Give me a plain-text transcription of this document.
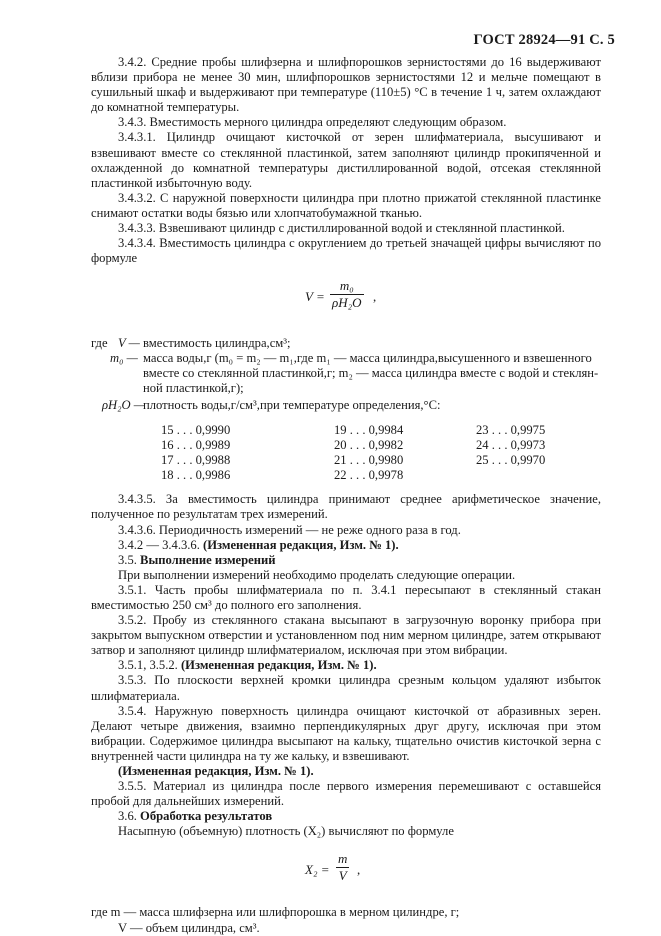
ГОСТ 28924—91 С. 5

3.4.2. Средние пробы шлифзерна и шлифпорошков зернистостями до 16 выдерживают вблизи прибора не менее 30 мин, шлифпорошков зернистостями 12 и мельче помещают в сушильный шкаф и выдерживают при температуре (110±5) °С в течение 1 ч, затем охлаждают до комнатной температуры.

3.4.3. Вместимость мерного цилиндра определяют следующим образом.

3.4.3.1. Цилиндр очищают кисточкой от зерен шлифматериала, высушивают и взвешивают вместе со стеклянной пластинкой, затем заполняют цилиндр прокипяченной и охлажденной до комнатной температуры дистиллированной водой, отсекая стеклянной пластинкой избыточную воду.

3.4.3.2. С наружной поверхности цилиндра при плотно прижатой стеклянной пластинке снимают остатки воды бязью или хлопчатобумажной тканью.

3.4.3.3. Взвешивают цилиндр с дистиллированной водой и стеклянной пластинкой.

3.4.3.4. Вместимость цилиндра с округлением до третьей значащей цифры вычисляют по формуле

$V = \frac{\text{m₀}}{\text{ρH₂O}}$ ,
где V — вместимость цилиндра,см³;
m₀ — масса воды,г (m₀ = m₂ — m₁,где m₁ — масса цилиндра,высушенного и взвешенного
вместе со стеклянной пластинкой,г; m₂ — масса цилиндра вместе с водой и стеклян-
ной пластинкой,г);
ρH₂O —
плотность воды,г/см³,при температуре определения,°С:
15 . . . 0,9990	19 . . . 0,9984	23 . . . 0,9975
16 . . . 0,9989	20 . . . 0,9982	24 . . . 0,9973
17 . . . 0,9988	21 . . . 0,9980	25 . . . 0,9970
18 . . . 0,9986	22 . . . 0,9978

3.4.3.5. За вместимость цилиндра принимают среднее арифметическое значение, полученное по результатам трех измерений.

3.4.3.6. Периодичность измерений — не реже одного раза в год.

3.4.2 — 3.4.3.6. (Измененная редакция, Изм. № 1).

3.5. Выполнение измерений

При выполнении измерений необходимо проделать следующие операции.

3.5.1. Часть пробы шлифматериала по п. 3.4.1 пересыпают в стеклянный стакан вместимостью 250 см³ до полного его заполнения.

3.5.2. Пробу из стеклянного стакана высыпают в загрузочную воронку прибора при закрытом выпускном отверстии и установленном под ним мерном цилиндре, затем открывают затвор и заполняют цилиндр шлифматериалом, исключая при этом вибрации.

3.5.1, 3.5.2. (Измененная редакция, Изм. № 1).

3.5.3. По плоскости верхней кромки цилиндра срезным кольцом удаляют избыток шлифматериала.

3.5.4. Наружную поверхность цилиндра очищают кисточкой от абразивных зерен. Делают четыре движения, взаимно перпендикулярных друг другу, исключая при этом вибрации. Содержимое цилиндра высыпают на кальку, тщательно очистив кисточкой зерна с внутренней части цилиндра на ту же кальку, и взвешивают.

(Измененная редакция, Изм. № 1).

3.5.5. Материал из цилиндра после первого измерения перемешивают с оставшейся пробой для дальнейших измерений.

3.6. Обработка результатов

Насыпную (объемную) плотность (X₂) вычисляют по формуле

$X_2 = \frac{m}{V}$ ,

где m — масса шлифзерна или шлифпорошка в мерном цилиндре, г;

V — объем цилиндра, см³.
